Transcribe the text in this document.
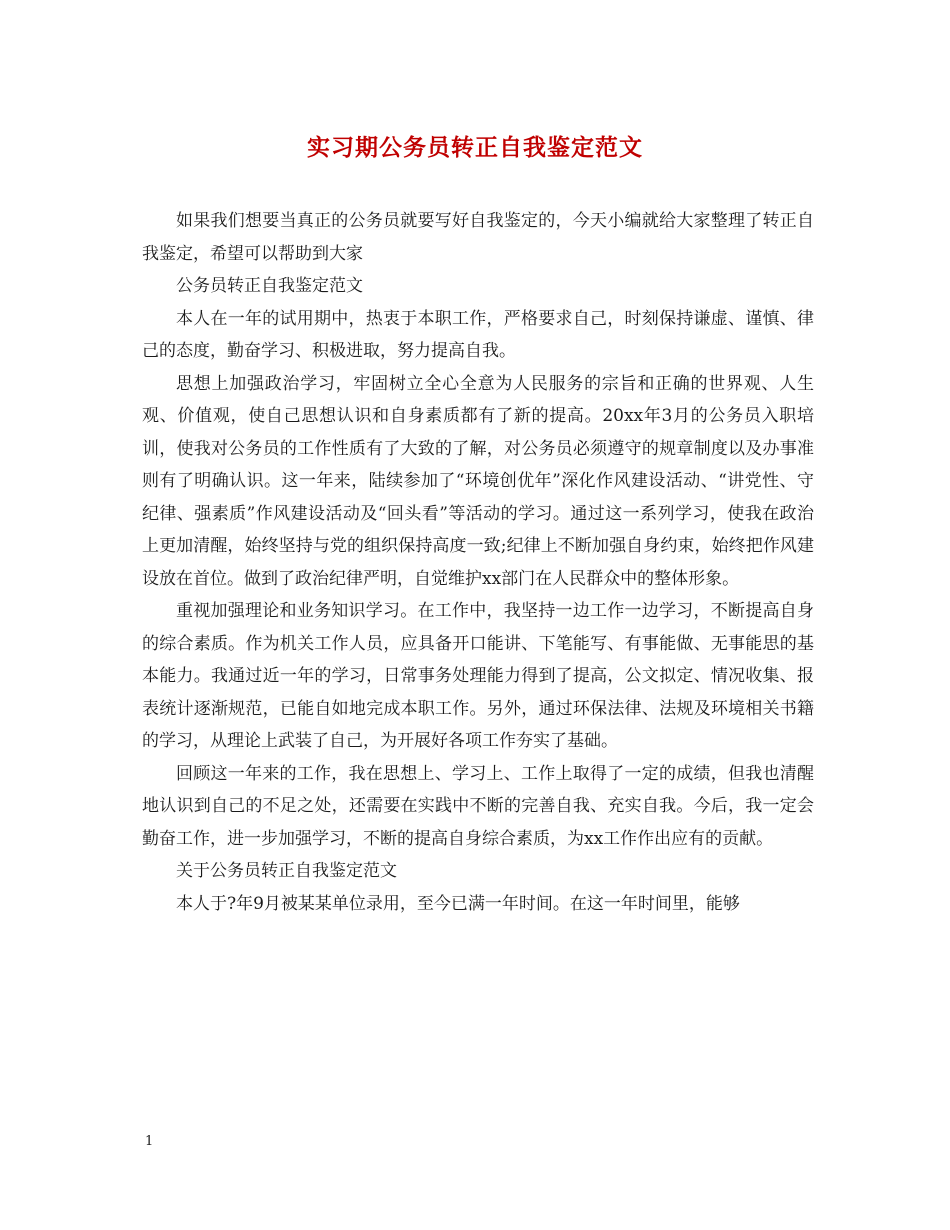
实习期公务员转正自我鉴定范文

如果我们想要当真正的公务员就要写好自我鉴定的，今天小编就给大家整理了转正自我鉴定，希望可以帮助到大家

公务员转正自我鉴定范文

本人在一年的试用期中，热衷于本职工作，严格要求自己，时刻保持谦虚、谨慎、律己的态度，勤奋学习、积极进取，努力提高自我。

思想上加强政治学习，牢固树立全心全意为人民服务的宗旨和正确的世界观、人生观、价值观，使自己思想认识和自身素质都有了新的提高。20xx年3月的公务员入职培训，使我对公务员的工作性质有了大致的了解，对公务员必须遵守的规章制度以及办事准则有了明确认识。这一年来，陆续参加了“环境创优年”深化作风建设活动、“讲党性、守纪律、强素质”作风建设活动及“回头看”等活动的学习。通过这一系列学习，使我在政治上更加清醒，始终坚持与党的组织保持高度一致;纪律上不断加强自身约束，始终把作风建设放在首位。做到了政治纪律严明，自觉维护xx部门在人民群众中的整体形象。

重视加强理论和业务知识学习。在工作中，我坚持一边工作一边学习，不断提高自身的综合素质。作为机关工作人员，应具备开口能讲、下笔能写、有事能做、无事能思的基本能力。我通过近一年的学习，日常事务处理能力得到了提高，公文拟定、情况收集、报表统计逐渐规范，已能自如地完成本职工作。另外，通过环保法律、法规及环境相关书籍的学习，从理论上武装了自己，为开展好各项工作夯实了基础。

回顾这一年来的工作，我在思想上、学习上、工作上取得了一定的成绩，但我也清醒地认识到自己的不足之处，还需要在实践中不断的完善自我、充实自我。今后，我一定会勤奋工作，进一步加强学习，不断的提高自身综合素质，为xx工作作出应有的贡献。

关于公务员转正自我鉴定范文

本人于?年9月被某某单位录用，至今已满一年时间。在这一年时间里，能够

1
